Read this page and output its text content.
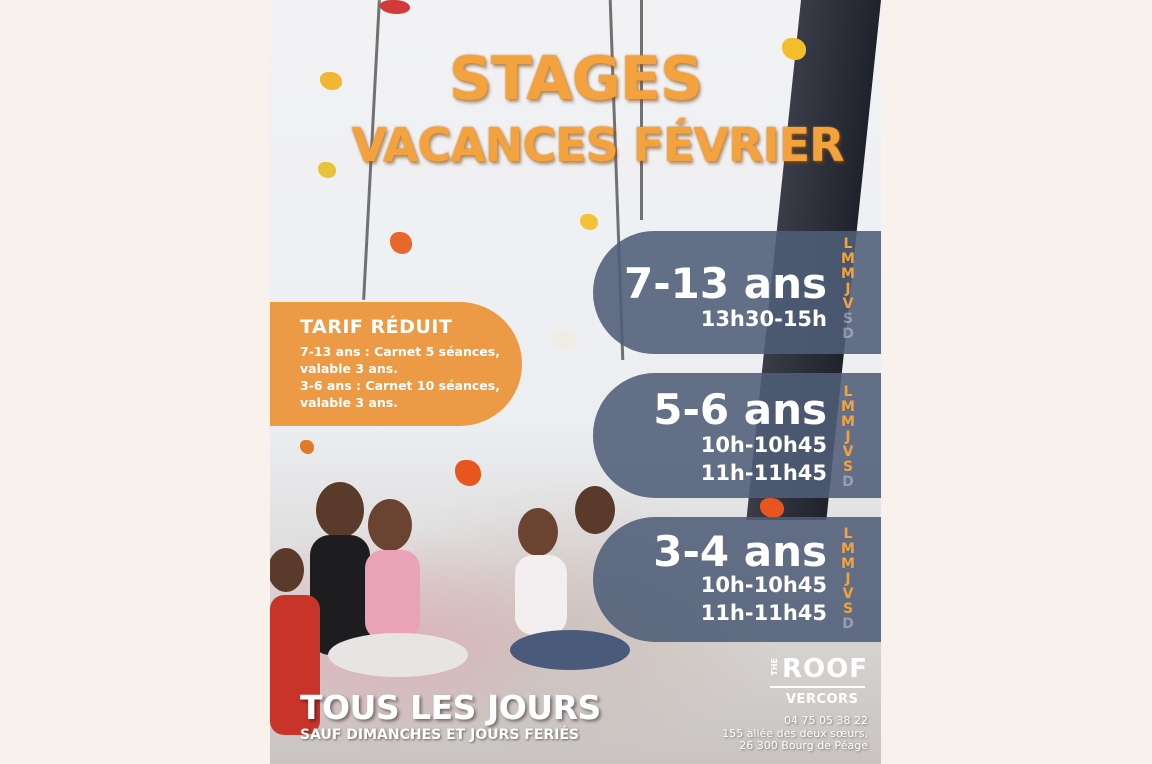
STAGES
VACANCES FÉVRIER
TARIF RÉDUIT
7-13 ans : Carnet 5 séances,
valable 3 ans.
3-6 ans : Carnet 10 séances,
valable 3 ans.
7-13 ans
13h30-15h
L
M
M
J
V
S
D
5-6 ans
10h-10h45
11h-11h45
L
M
M
J
V
S
D
3-4 ans
10h-10h45
11h-11h45
L
M
M
J
V
S
D
TOUS LES JOURS
SAUF DIMANCHES ET JOURS FERIÉS
THE ROOF
VERCORS
04 75 05 38 22
155 allée des deux sœurs,
26 300 Bourg de Péage
